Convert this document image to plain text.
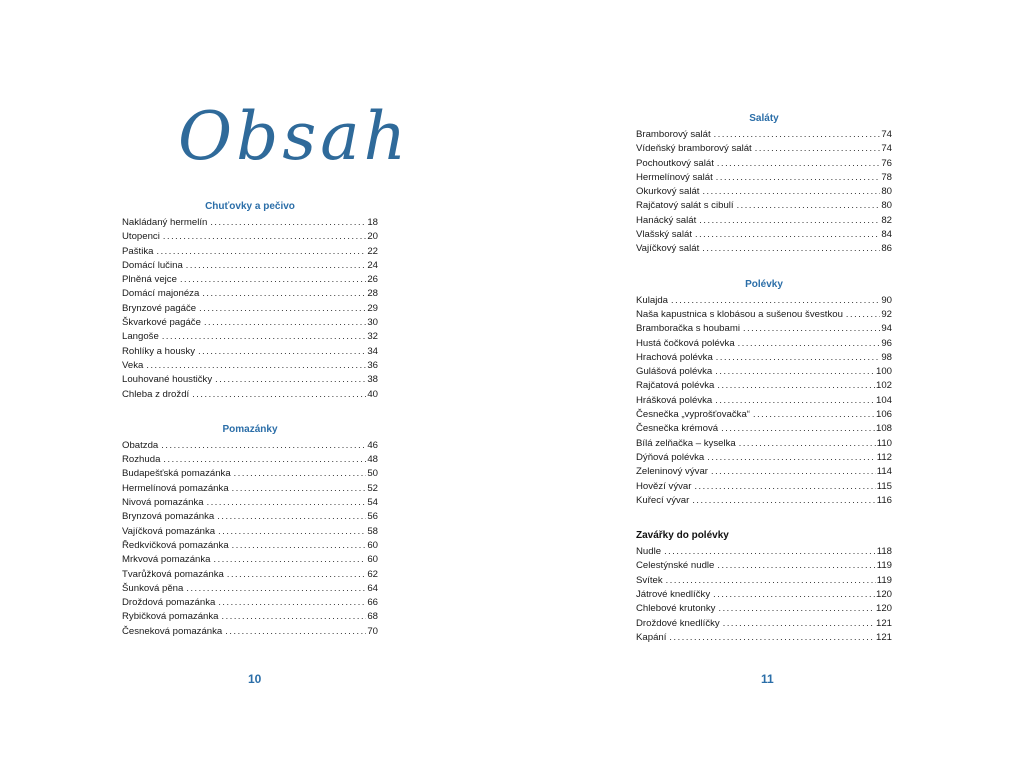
Obsah
Chuťovky a pečivo
Nakládaný hermelín .....	18
Utopenci .....	20
Paštika .....	22
Domácí lučina .....	24
Plněná vejce .....	26
Domácí majonéza .....	28
Brynzové pagáče .....	29
Škvarkové pagáče .....	30
Langoše .....	32
Rohlíky a housky .....	34
Veka .....	36
Louhované houstičky .....	38
Chleba z droždí .....	40
Pomazánky
Obatzda .....	46
Rozhuda .....	48
Budapešťská pomazánka .....	50
Hermelínová pomazánka .....	52
Nivová pomazánka .....	54
Brynzová pomazánka .....	56
Vajíčková pomazánka .....	58
Ředkvičková pomazánka .....	60
Mrkvová pomazánka .....	60
Tvarůžková pomazánka .....	62
Šunková pěna .....	64
Droždová pomazánka .....	66
Rybičková pomazánka .....	68
Česneková pomazánka .....	70
Saláty
Bramborový salát .....	74
Vídeňský bramborový salát .....	74
Pochoutkový salát .....	76
Hermelínový salát .....	78
Okurkový salát .....	80
Rajčatový salát s cibulí .....	80
Hanácký salát .....	82
Vlašský salát .....	84
Vajíčkový salát .....	86
Polévky
Kulajda .....	90
Naša kapustnica s klobásou a sušenou švestkou .....	92
Bramboračka s houbami .....	94
Hustá čočková polévka .....	96
Hrachová polévka .....	98
Gulášová polévka .....	100
Rajčatová polévka .....	102
Hrášková polévka .....	104
Česnečka „vyprošťovačka“ .....	106
Česnečka krémová .....	108
Bílá zelňačka – kyselka .....	110
Dýňová polévka .....	112
Zeleninový vývar .....	114
Hovězí vývar .....	115
Kuřecí vývar .....	116
Zavářky do polévky
Nudle .....	118
Celestýnské nudle .....	119
Svítek .....	119
Játrové knedlíčky .....	120
Chlebové krutonky .....	120
Droždové knedlíčky .....	121
Kapání .....	121
10	11
